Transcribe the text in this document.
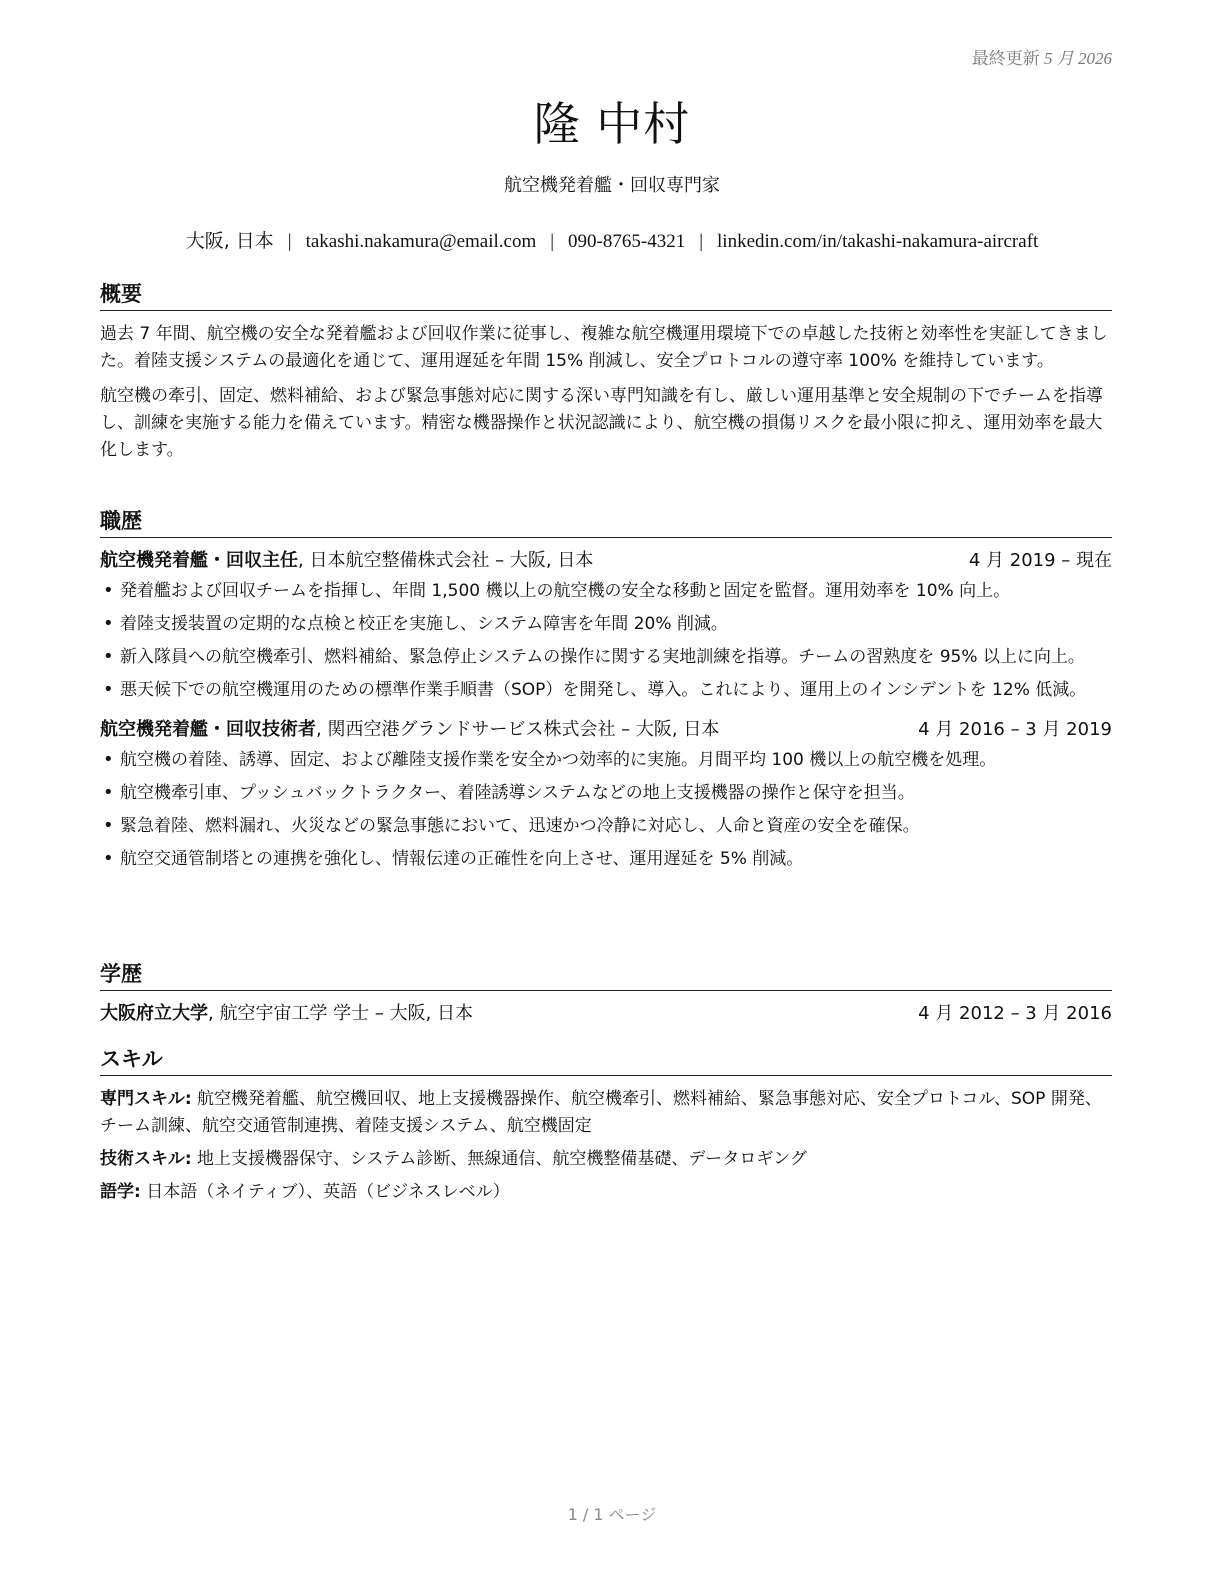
最終更新 5 月 2026
隆 中村
航空機発着艦・回収専門家
大阪, 日本 | takashi.nakamura@email.com | 090-8765-4321 | linkedin.com/in/takashi-nakamura-aircraft
概要

過去 7 年間、航空機の安全な発着艦および回収作業に従事し、複雑な航空機運用環境下での卓越した技術と効率性を実証してきました。着陸支援システムの最適化を通じて、運用遅延を年間 15% 削減し、安全プロトコルの遵守率 100% を維持しています。

航空機の牽引、固定、燃料補給、および緊急事態対応に関する深い専門知識を有し、厳しい運用基準と安全規制の下でチームを指導し、訓練を実施する能力を備えています。精密な機器操作と状況認識により、航空機の損傷リスクを最小限に抑え、運用効率を最大化します。

職歴
航空機発着艦・回収主任, 日本航空整備株式会社 – 大阪, 日本	4 月 2019 – 現在
• 発着艦および回収チームを指揮し、年間 1,500 機以上の航空機の安全な移動と固定を監督。運用効率を 10% 向上。
• 着陸支援装置の定期的な点検と校正を実施し、システム障害を年間 20% 削減。
• 新入隊員への航空機牽引、燃料補給、緊急停止システムの操作に関する実地訓練を指導。チームの習熟度を 95% 以上に向上。
• 悪天候下での航空機運用のための標準作業手順書（SOP）を開発し、導入。これにより、運用上のインシデントを 12% 低減。
航空機発着艦・回収技術者, 関西空港グランドサービス株式会社 – 大阪, 日本	4 月 2016 – 3 月 2019
• 航空機の着陸、誘導、固定、および離陸支援作業を安全かつ効率的に実施。月間平均 100 機以上の航空機を処理。
• 航空機牽引車、プッシュバックトラクター、着陸誘導システムなどの地上支援機器の操作と保守を担当。
• 緊急着陸、燃料漏れ、火災などの緊急事態において、迅速かつ冷静に対応し、人命と資産の安全を確保。
• 航空交通管制塔との連携を強化し、情報伝達の正確性を向上させ、運用遅延を 5% 削減。
学歴
大阪府立大学, 航空宇宙工学 学士 – 大阪, 日本	4 月 2012 – 3 月 2016
スキル
専門スキル: 航空機発着艦、航空機回収、地上支援機器操作、航空機牽引、燃料補給、緊急事態対応、安全プロトコル、SOP 開発、チーム訓練、航空交通管制連携、着陸支援システム、航空機固定
技術スキル: 地上支援機器保守、システム診断、無線通信、航空機整備基礎、データロギング
語学: 日本語（ネイティブ）、英語（ビジネスレベル）
1 / 1 ページ
